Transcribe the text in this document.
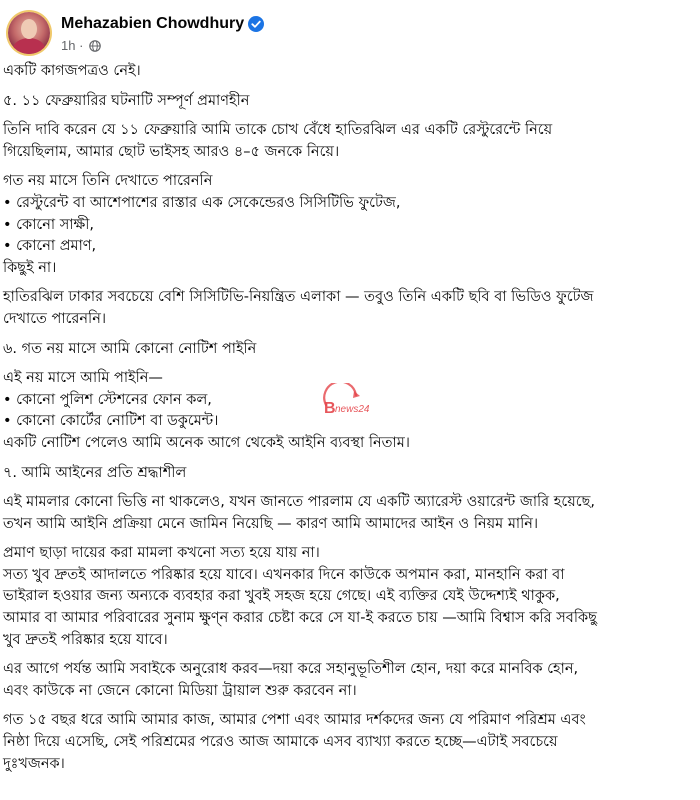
Mehazabien Chowdhury
1h ·

একটি কাগজপত্রও নেই।

৫. ১১ ফেব্রুয়ারির ঘটনাটি সম্পূর্ণ প্রমাণহীন

তিনি দাবি করেন যে ১১ ফেব্রুয়ারি আমি তাকে চোখ বেঁধে হাতিরঝিল এর একটি রেস্টুরেন্টে নিয়ে

গিয়েছিলাম, আমার ছোট ভাইসহ আরও ৪–৫ জনকে নিয়ে।

গত নয় মাসে তিনি দেখাতে পারেননি

• রেস্টুরেন্ট বা আশেপাশের রাস্তার এক সেকেন্ডেরও সিসিটিভি ফুটেজ,

• কোনো সাক্ষী,

• কোনো প্রমাণ,

কিছুই না।

হাতিরঝিল ঢাকার সবচেয়ে বেশি সিসিটিভি-নিয়ন্ত্রিত এলাকা — তবুও তিনি একটি ছবি বা ভিডিও ফুটেজ

দেখাতে পারেননি।

৬. গত নয় মাসে আমি কোনো নোটিশ পাইনি

এই নয় মাসে আমি পাইনি—

• কোনো পুলিশ স্টেশনের ফোন কল,

• কোনো কোর্টের নোটিশ বা ডকুমেন্ট।

একটি নোটিশ পেলেও আমি অনেক আগে থেকেই আইনি ব্যবস্থা নিতাম।

৭. আমি আইনের প্রতি শ্রদ্ধাশীল

এই মামলার কোনো ভিত্তি না থাকলেও, যখন জানতে পারলাম যে একটি অ্যারেস্ট ওয়ারেন্ট জারি হয়েছে,

তখন আমি আইনি প্রক্রিয়া মেনে জামিন নিয়েছি — কারণ আমি আমাদের আইন ও নিয়ম মানি।

প্রমাণ ছাড়া দায়ের করা মামলা কখনো সত্য হয়ে যায় না।

সত্য খুব দ্রুতই আদালতে পরিষ্কার হয়ে যাবে। এখনকার দিনে কাউকে অপমান করা, মানহানি করা বা

ভাইরাল হওয়ার জন্য অন্যকে ব্যবহার করা খুবই সহজ হয়ে গেছে। এই ব্যক্তির যেই উদ্দেশ্যই থাকুক,

আমার বা আমার পরিবারের সুনাম ক্ষুণ্ন করার চেষ্টা করে সে যা-ই করতে চায় —আমি বিশ্বাস করি সবকিছু

খুব দ্রুতই পরিষ্কার হয়ে যাবে।

এর আগে পর্যন্ত আমি সবাইকে অনুরোধ করব—দয়া করে সহানুভূতিশীল হোন, দয়া করে মানবিক হোন,

এবং কাউকে না জেনে কোনো মিডিয়া ট্রায়াল শুরু করবেন না।

গত ১৫ বছর ধরে আমি আমার কাজ, আমার পেশা এবং আমার দর্শকদের জন্য যে পরিমাণ পরিশ্রম এবং

নিষ্ঠা দিয়ে এসেছি, সেই পরিশ্রমের পরেও আজ আমাকে এসব ব্যাখ্যা করতে হচ্ছে—এটাই সবচেয়ে

দুঃখজনক।

B news24
